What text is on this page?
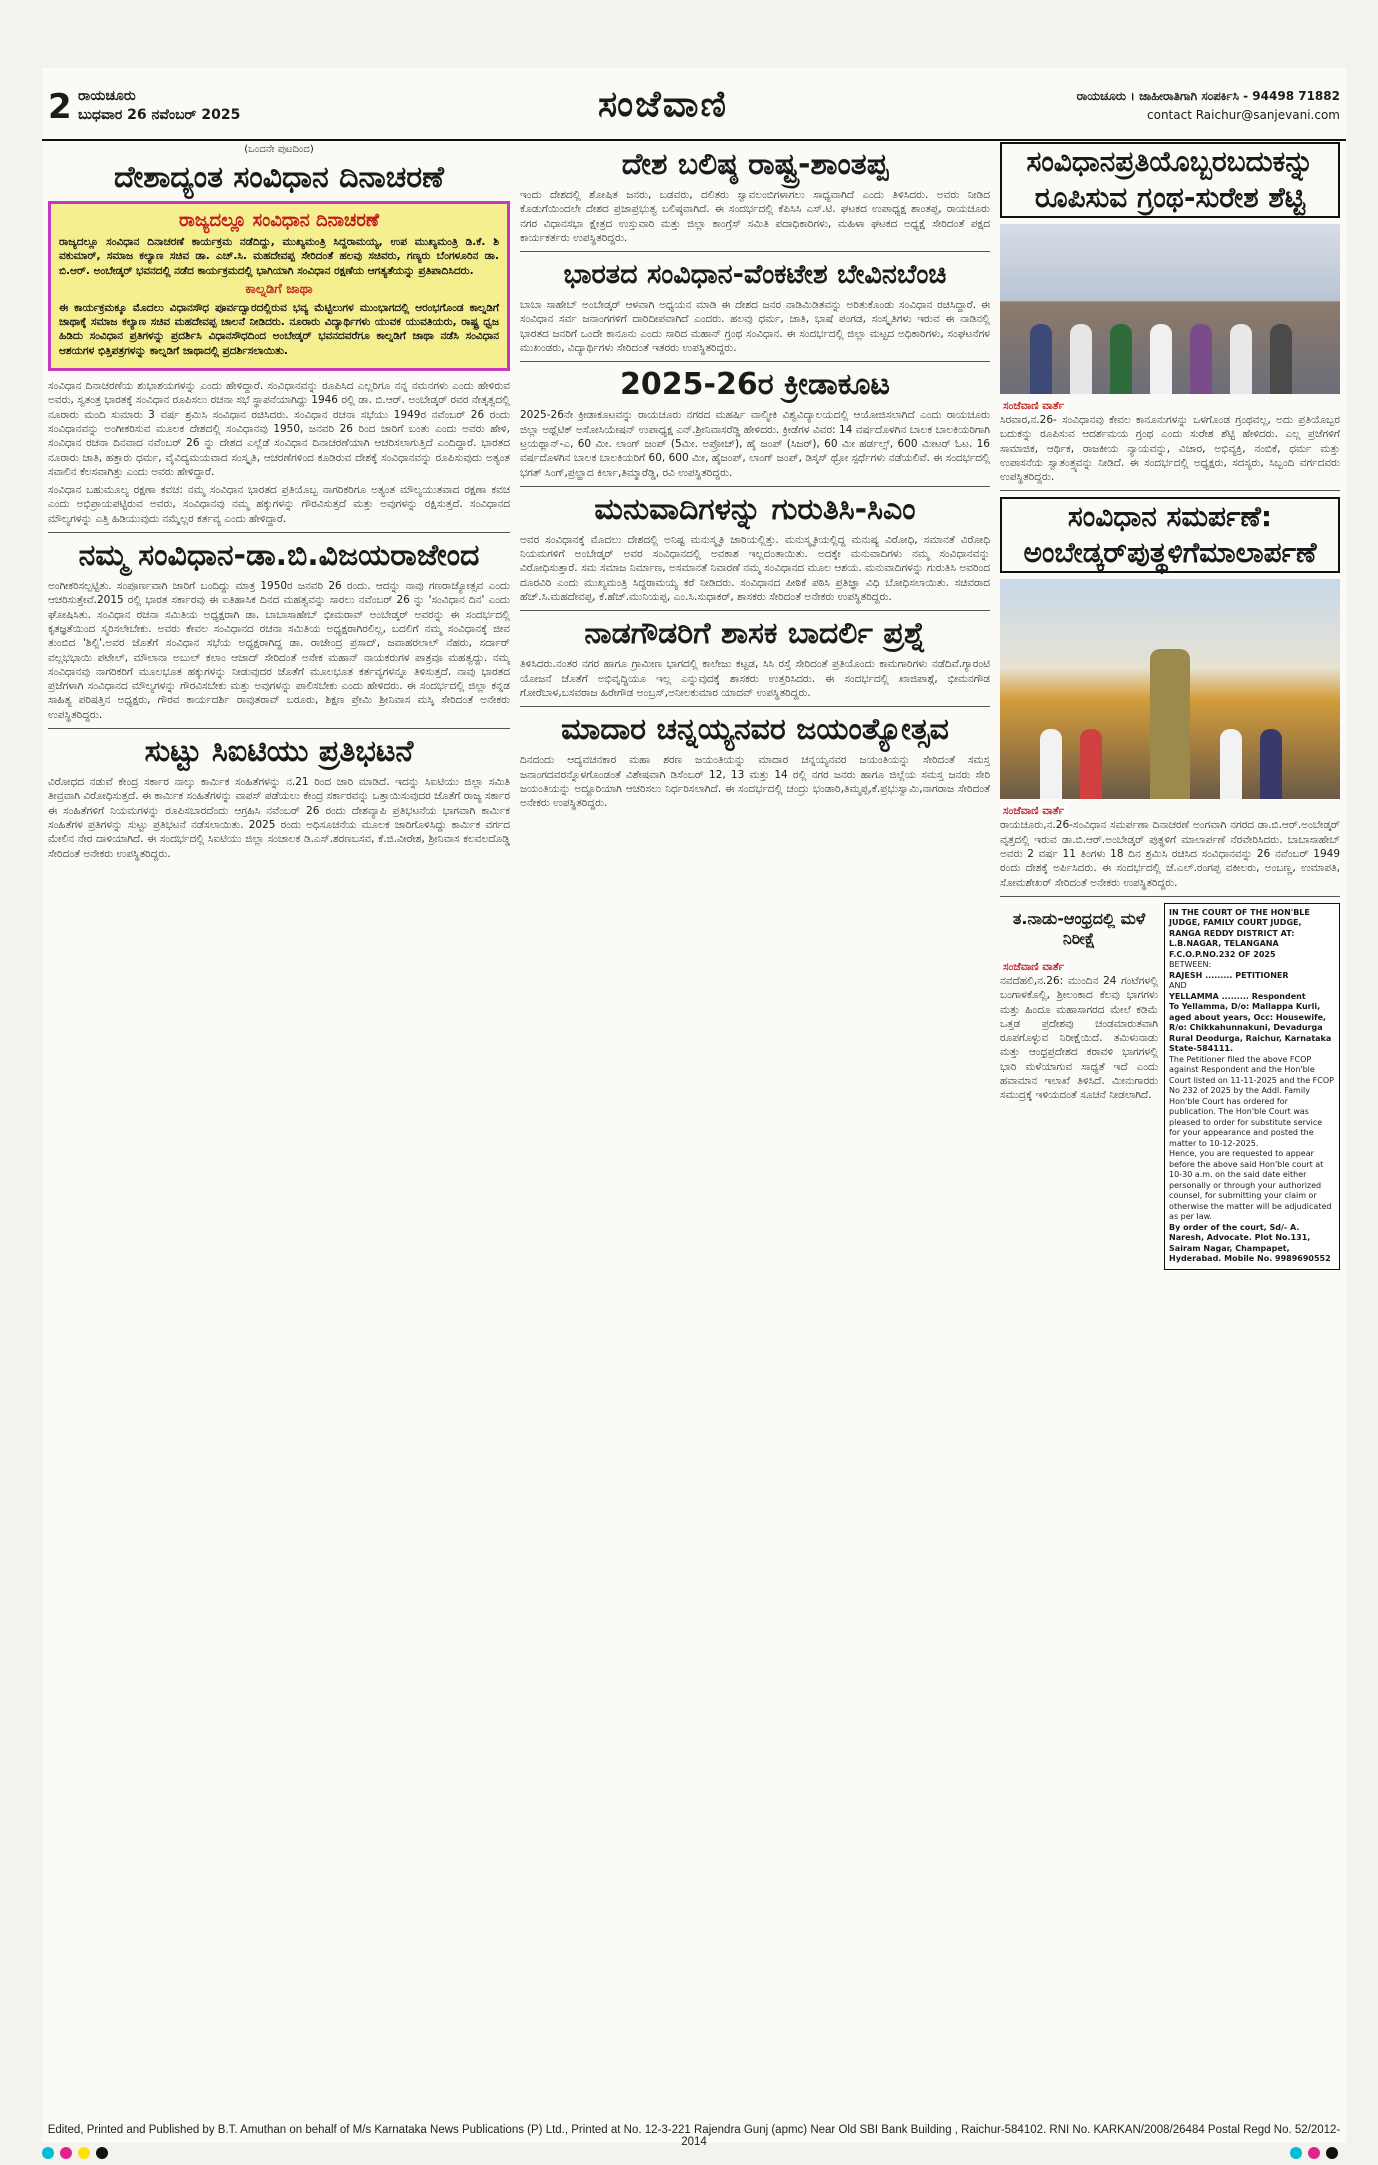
2 ರಾಯಚೂರು
ಬುಧವಾರ 26 ನವೆಂಬರ್ 2025	ಸಂಜೆವಾಣಿ	ರಾಯಚೂರು । ಜಾಹೀರಾತಿಗಾಗಿ ಸಂಪರ್ಕಿಸಿ - 94498 71882
contact Raichur@sanjevani.com
(ಒಂದನೇ ಪುಟದಿಂದ)
ದೇಶಾದ್ಯಂತ ಸಂವಿಧಾನ ದಿನಾಚರಣೆ
ರಾಜ್ಯದಲ್ಲೂ ಸಂವಿಧಾನ ದಿನಾಚರಣೆ

ರಾಜ್ಯದಲ್ಲೂ ಸಂವಿಧಾನ ದಿನಾಚರಣೆ ಕಾರ್ಯಕ್ರಮ ನಡೆದಿದ್ದು, ಮುಖ್ಯಮಂತ್ರಿ ಸಿದ್ದರಾಮಯ್ಯ, ಉಪ ಮುಖ್ಯಮಂತ್ರಿ ಡಿ.ಕೆ. ಶಿ ವಕುಮಾರ್, ಸಮಾಜ ಕಲ್ಯಾಣ ಸಚಿವ ಡಾ. ಎಚ್.ಸಿ. ಮಹದೇವಪ್ಪ ಸೇರಿದಂತೆ ಹಲವು ಸಚಿವರು, ಗಣ್ಯರು ಬೆಂಗಳೂರಿನ ಡಾ. ಬಿ.ಆರ್. ಅಂಬೇಡ್ಕರ್ ಭವನದಲ್ಲಿ ನಡೆದ ಕಾರ್ಯಕ್ರಮದಲ್ಲಿ ಭಾಗಿಯಾಗಿ ಸಂವಿಧಾನ ರಕ್ಷಣೆಯ ಆಗತ್ಯತೆಯನ್ನು ಪ್ರತಿಪಾದಿಸಿದರು.

ಕಾಲ್ನಡಿಗೆ ಜಾಥಾ

ಈ ಕಾರ್ಯಕ್ರಮಕ್ಕೂ ಮೊದಲು ವಿಧಾನಸೌಧ ಪೂರ್ವದ್ವಾರದಲ್ಲಿರುವ ಭವ್ಯ ಮೆಟ್ಟಿಲುಗಳ ಮುಂಭಾಗದಲ್ಲಿ ಆರಂಭಗೊಂಡ ಕಾಲ್ನಡಿಗೆ ಜಾಥಾಕ್ಕೆ ಸಮಾಜ ಕಲ್ಯಾಣ ಸಚಿವ ಮಹದೇವಪ್ಪ ಚಾಲನೆ ನೀಡಿದರು. ನೂರಾರು ವಿದ್ಯಾರ್ಥಿಗಳು ಯುವಕ ಯುವತಿಯರು, ರಾಷ್ಟ್ರ ಧ್ವಜ ಹಿಡಿದು ಸಂವಿಧಾನ ಪ್ರತಿಗಳನ್ನು ಪ್ರದರ್ಶಿಸಿ ವಿಧಾನಸೌಧದಿಂದ ಅಂಬೇಡ್ಕರ್ ಭವನದವರೆಗೂ ಕಾಲ್ನಡಿಗೆ ಜಾಥಾ ನಡೆಸಿ ಸಂವಿಧಾನ ಆಶಯಗಳ ಭಿತ್ತಿಪತ್ರಗಳನ್ನು ಕಾಲ್ನಡಿಗೆ ಜಾಥಾದಲ್ಲಿ ಪ್ರದರ್ಶಿಸಲಾಯಿತು.

ಸಂವಿಧಾನ ದಿನಾಚರಣೆಯ ಶುಭಾಶಯಗಳನ್ನು ಎಂದು ಹೇಳಿದ್ದಾರೆ. ಸಂವಿಧಾನವನ್ನು ರೂಪಿಸಿದ ಎಲ್ಲರಿಗೂ ನನ್ನ ನಮನಗಳು ಎಂದು ಹೇಳಿರುವ ಅವರು, ಸ್ವತಂತ್ರ ಭಾರತಕ್ಕೆ ಸಂವಿಧಾನ ರೂಪಿಸಲು ರಚನಾ ಸಭೆ ಸ್ಥಾಪನೆಯಾಗಿದ್ದು 1946 ರಲ್ಲಿ ಡಾ. ಬಿ.ಆರ್. ಅಂಬೇಡ್ಕರ್ ರವರ ನೇತೃತ್ವದಲ್ಲಿ ನೂರಾರು ಮಂದಿ ಸುಮಾರು 3 ವರ್ಷ ಶ್ರಮಿಸಿ ಸಂವಿಧಾನ ರಚಿಸಿದರು. ಸಂವಿಧಾನ ರಚನಾ ಸಭೆಯು 1949ರ ನವೆಂಬರ್ 26 ರಂದು ಸಂವಿಧಾನವನ್ನು ಅಂಗೀಕರಿಸುವ ಮೂಲಕ ದೇಶದಲ್ಲಿ ಸಂವಿಧಾನವು 1950, ಜನವರಿ 26 ರಿಂದ ಜಾರಿಗೆ ಬಂತು ಎಂದು ಅವರು ಹೇಳಿ, ಸಂವಿಧಾನ ರಚನಾ ದಿನವಾದ ನವೆಂಬರ್ 26 ನ್ನು ದೇಶದ ಎಲ್ಲೆಡೆ ಸಂವಿಧಾನ ದಿನಾಚರಣೆಯಾಗಿ ಆಚರಿಸಲಾಗುತ್ತಿದೆ ಎಂದಿದ್ದಾರೆ. ಭಾರತದ ನೂರಾರು ಜಾತಿ, ಹತ್ತಾರು ಧರ್ಮ, ವೈವಿದ್ಯಮಯವಾದ ಸಂಸ್ಕೃತಿ, ಆಚರಣೆಗಳಿಂದ ಕೂಡಿರುವ ದೇಶಕ್ಕೆ ಸಂವಿಧಾನವನ್ನು ರೂಪಿಸುವುದು ಅತ್ಯಂತ ಸವಾಲಿನ ಕೆಲಸವಾಗಿತ್ತು ಎಂದು ಅವರು ಹೇಳಿದ್ದಾರೆ.

ಸಂವಿಧಾನ ಬಹುಮೂಲ್ಯ ರಕ್ಷಣಾ ಕವಚ: ನಮ್ಮ ಸಂವಿಧಾನ ಭಾರತದ ಪ್ರತಿಯೊಬ್ಬ ನಾಗರಿಕರಿಗೂ ಅತ್ಯಂತ ಮೌಲ್ಯಯುತವಾದ ರಕ್ಷಣಾ ಕವಚ ಎಂದು ಅಭಿಪ್ರಾಯಪಟ್ಟಿರುವ ಅವರು, ಸಂವಿಧಾನವು ನಮ್ಮ ಹಕ್ಕುಗಳನ್ನು ಗೌರವಿಸುತ್ತದೆ ಮತ್ತು ಅವುಗಳನ್ನು ರಕ್ಷಿಸುತ್ತದೆ. ಸಂವಿಧಾನದ ಮೌಲ್ಯಗಳನ್ನು ಎತ್ತಿ ಹಿಡಿಯುವುದು ನಮ್ಮೆಲ್ಲರ ಕರ್ತವ್ಯ ಎಂದು ಹೇಳಿದ್ದಾರೆ.

ನಮ್ಮ ಸಂವಿಧಾನ-ಡಾ.ಬಿ.ವಿಜಯರಾಜೇಂದ

ಅಂಗೀಕರಿಸಲ್ಪಟ್ಟಿತು. ಸಂಪೂರ್ಣವಾಗಿ ಜಾರಿಗೆ ಬಂದಿದ್ದು ಮಾತ್ರ 1950ರ ಜನವರಿ 26 ರಂದು. ಆದನ್ನು ನಾವು ಗಣರಾಜ್ಯೋತ್ಸವ ಎಂದು ಆಚರಿಸುತ್ತೇವೆ.2015 ರಲ್ಲಿ ಭಾರತ ಸರ್ಕಾರವು ಈ ಐತಿಹಾಸಿಕ ದಿನದ ಮಹತ್ವವನ್ನು ಸಾರಲು ನವೆಂಬರ್ 26 ನ್ನು 'ಸಂವಿಧಾನ ದಿನ' ಎಂದು ಘೋಷಿಸಿತು. ಸಂವಿಧಾನ ರಚನಾ ಸಮಿತಿಯ ಅಧ್ಯಕ್ಷರಾಗಿ ಡಾ. ಬಾಬಾಸಾಹೇಬ್ ಭೀಮರಾವ್ ಅಂಬೇಡ್ಕರ್ ಅವರನ್ನು ಈ ಸಂದರ್ಭದಲ್ಲಿ ಕೃತಜ್ಞತೆಯಿಂದ ಸ್ಮರಿಸಲೇಬೇಕು. ಅವರು ಕೇವಲ ಸಂವಿಧಾನದ ರಚನಾ ಸಮಿತಿಯ ಅಧ್ಯಕ್ಷರಾಗಿರಲಿಲ್ಲ, ಬದಲಿಗೆ ನಮ್ಮ ಸಂವಿಧಾನಕ್ಕೆ ಜೀವ ತುಂಬಿದ 'ಶಿಲ್ಪಿ'.ಅವರ ಜೊತೆಗೆ ಸಂವಿಧಾನ ಸಭೆಯ ಅಧ್ಯಕ್ಷರಾಗಿದ್ದ ಡಾ. ರಾಜೇಂದ್ರ ಪ್ರಸಾದ್, ಜವಾಹರಲಾಲ್ ನೆಹರು, ಸರ್ದಾರ್ ವಲ್ಲಭಭಾಯಿ ಪಟೇಲ್, ಮೌಲಾನಾ ಅಬುಲ್ ಕಲಾಂ ಆಜಾದ್ ಸೇರಿದಂತೆ ಅನೇಕ ಮಹಾನ್ ನಾಯಕರುಗಳ ಪಾತ್ರವೂ ಮಹತ್ವದ್ದು. ನಮ್ಮ ಸಂವಿಧಾನವು ನಾಗರಿಕರಿಗೆ ಮೂಲಭೂತ ಹಕ್ಕುಗಳನ್ನು ನೀಡುವುದರ ಜೊತೆಗೆ ಮೂಲಭೂತ ಕರ್ತವ್ಯಗಳನ್ನೂ ತಿಳಿಸುತ್ತದೆ. ನಾವು ಭಾರತದ ಪ್ರಜೆಗಳಾಗಿ ಸಂವಿಧಾನದ ಮೌಲ್ಯಗಳನ್ನು ಗೌರವಿಸಬೇಕು ಮತ್ತು ಅವುಗಳನ್ನು ಪಾಲಿಸಬೇಕು ಎಂದು ಹೇಳಿದರು. ಈ ಸಂದರ್ಭದಲ್ಲಿ ಜಿಲ್ಲಾ ಕನ್ನಡ ಸಾಹಿತ್ಯ ಪರಿಷತ್ತಿನ ಅಧ್ಯಕ್ಷರು, ಗೌರವ ಕಾರ್ಯದರ್ಶಿ ರಾವುತರಾವ್ ಬರೂರು, ಶಿಕ್ಷಣ ಪ್ರೇಮಿ ಶ್ರೀನಿವಾಸ ಮಸ್ಕಿ ಸೇರಿದಂತೆ ಅನೇಕರು ಉಪಸ್ಥಿತರಿದ್ದರು.

ಸುಟ್ಟು ಸಿಐಟಿಯು ಪ್ರತಿಭಟನೆ

ವಿರೋಧದ ನಡುವೆ ಕೇಂದ್ರ ಸರ್ಕಾರ ನಾಲ್ಕು ಕಾರ್ಮಿಕ ಸಂಹಿತೆಗಳನ್ನು ನ.21 ರಿಂದ ಜಾರಿ ಮಾಡಿದೆ. ಇದನ್ನು ಸಿಐಟಿಯು ಜಿಲ್ಲಾ ಸಮಿತಿ ತೀವ್ರವಾಗಿ ವಿರೋಧಿಸುತ್ತದೆ. ಈ ಕಾರ್ಮಿಕ ಸಂಹಿತೆಗಳನ್ನು ವಾಪಸ್ ಪಡೆಯಲು ಕೇಂದ್ರ ಸರ್ಕಾರವನ್ನು ಒತ್ತಾಯಿಸುವುದರ ಜೊತೆಗೆ ರಾಜ್ಯ ಸರ್ಕಾರ ಈ ಸಂಹಿತೆಗಳಿಗೆ ನಿಯಮಗಳನ್ನು ರೂಪಿಸಬಾರದೆಂದು ಆಗ್ರಹಿಸಿ ನವೆಂಬರ್ 26 ರಂದು ದೇಶವ್ಯಾಪಿ ಪ್ರತಿಭಟನೆಯ ಭಾಗವಾಗಿ ಕಾರ್ಮಿಕ ಸಂಹಿತೆಗಳ ಪ್ರತಿಗಳನ್ನು ಸುಟ್ಟು ಪ್ರತಿಭಟನೆ ನಡೆಸಲಾಯಿತು. 2025 ರಂದು ಅಧಿಸೂಚನೆಯ ಮೂಲಕ ಜಾರಿಗೊಳಿಸಿದ್ದು ಕಾರ್ಮಿಕ ವರ್ಗದ ಮೇಲಿನ ನೇರ ದಾಳಿಯಾಗಿದೆ. ಈ ಸಂದರ್ಭದಲ್ಲಿ ಸಿಐಟಿಯು ಜಿಲ್ಲಾ ಸಂಚಾಲಕ ಡಿ.ಎಸ್.ಶರಣಬಸವ, ಕೆ.ಜಿ.ವೀರೇಶ, ಶ್ರೀನಿವಾಸ ಕಲವಲದೊಡ್ಡಿ ಸೇರಿದಂತೆ ಅನೇಕರು ಉಪಸ್ಥಿತರಿದ್ದರು.

ದೇಶ ಬಲಿಷ್ಠ ರಾಷ್ಟ್ರ-ಶಾಂತಪ್ಪ

ಇಂದು ದೇಶದಲ್ಲಿ ಶೋಷಿತ ಜನರು, ಬಡವರು, ದಲಿತರು ಸ್ವಾವಲಂಬಿಗಳಾಗಲು ಸಾಧ್ಯವಾಗಿದೆ ಎಂದು ತಿಳಿಸಿದರು. ಅವರು ನೀಡಿದ ಕೊಡುಗೆಯಿಂದಲೇ ದೇಶದ ಪ್ರಜಾಪ್ರಭುತ್ವ ಬಲಿಷ್ಠವಾಗಿದೆ. ಈ ಸಂದರ್ಭದಲ್ಲಿ ಕೆಪಿಸಿಸಿ ಎಸ್.ಟಿ. ಘಟಕದ ಉಪಾಧ್ಯಕ್ಷ ಶಾಂತಪ್ಪ, ರಾಯಚೂರು ನಗರ ವಿಧಾನಸಭಾ ಕ್ಷೇತ್ರದ ಉಸ್ತುವಾರಿ ಮತ್ತು ಜಿಲ್ಲಾ ಕಾಂಗ್ರೆಸ್ ಸಮಿತಿ ಪದಾಧಿಕಾರಿಗಳು, ಮಹಿಳಾ ಘಟಕದ ಅಧ್ಯಕ್ಷೆ ಸೇರಿದಂತೆ ಪಕ್ಷದ ಕಾರ್ಯಕರ್ತರು ಉಪಸ್ಥಿತರಿದ್ದರು.

ಭಾರತದ ಸಂವಿಧಾನ-ವೆಂಕಟೇಶ ಬೇವಿನಬೆಂಚಿ

ಬಾಬಾ ಸಾಹೇಬ್ ಅಂಬೇಡ್ಕರ್ ಆಳವಾಗಿ ಅಧ್ಯಯನ ಮಾಡಿ ಈ ದೇಶದ ಜನರ ನಾಡಿಮಿಡಿತವನ್ನು ಅರಿತುಕೊಂಡು ಸಂವಿಧಾನ ರಚಿಸಿದ್ದಾರೆ. ಈ ಸಂವಿಧಾನ ಸರ್ವ ಜನಾಂಗಗಳಿಗೆ ದಾರಿದೀಪವಾಗಿದೆ ಎಂದರು. ಹಲವು ಧರ್ಮ, ಜಾತಿ, ಭಾಷೆ ಪಂಗಡ, ಸಂಸ್ಕೃತಿಗಳು ಇರುವ ಈ ನಾಡಿನಲ್ಲಿ ಭಾರತದ ಜನರಿಗೆ ಒಂದೇ ಕಾನೂನು ಎಂದು ಸಾರಿದ ಮಹಾನ್ ಗ್ರಂಥ ಸಂವಿಧಾನ. ಈ ಸಂದರ್ಭದಲ್ಲಿ ಜಿಲ್ಲಾ ಮಟ್ಟದ ಅಧಿಕಾರಿಗಳು, ಸಂಘಟನೆಗಳ ಮುಖಂಡರು, ವಿದ್ಯಾರ್ಥಿಗಳು ಸೇರಿದಂತೆ ಇತರರು ಉಪಸ್ಥಿತರಿದ್ದರು.

2025-26ರ ಕ್ರೀಡಾಕೂಟ

2025-26ನೇ ಕ್ರೀಡಾಕೂಟವನ್ನು ರಾಯಚೂರು ನಗರದ ಮಹರ್ಷಿ ವಾಲ್ಮೀಕಿ ವಿಶ್ವವಿದ್ಯಾಲಯದಲ್ಲಿ ಆಯೋಜಿಸಲಾಗಿದೆ ಎಂದು ರಾಯಚೂರು ಜಿಲ್ಲಾ ಅಥ್ಲೆಟಿಕ್ ಅಸೋಸಿಯೇಷನ್ ಉಪಾಧ್ಯಕ್ಷ ಎನ್.ಶ್ರೀನಿವಾಸರೆಡ್ಡಿ ಹೇಳಿದರು. ಕ್ರೀಡೆಗಳ ವಿವರ: 14 ವರ್ಷದೊಳಗಿನ ಬಾಲಕ ಬಾಲಕಿಯರಿಗಾಗಿ ಟ್ರಯಥ್ಲಾನ್-ಎ, 60 ಮೀ. ಲಾಂಗ್ ಜಂಪ್ (5ಮೀ. ಅಪ್ರೋಚ್), ಹೈ ಜಂಪ್ (ಸಿಜರ್), 60 ಮೀ ಹರ್ಡಲ್ಸ್, 600 ಮೀಟರ್ ಓಟ. 16 ವರ್ಷದೊಳಗಿನ ಬಾಲಕ ಬಾಲಕಿಯರಿಗೆ 60, 600 ಮೀ, ಹೈಜಂಪ್, ಲಾಂಗ್ ಜಂಪ್, ಡಿಸ್ಕಸ್ ಥ್ರೋ ಸ್ಪರ್ಧೆಗಳು ನಡೆಯಲಿವೆ. ಈ ಸಂದರ್ಭದಲ್ಲಿ ಭಗತ್ ಸಿಂಗ್,ಪ್ರಲ್ಹಾದ ಕಿರ್ಲಾ,ತಿಮ್ಮಾರೆಡ್ಡಿ, ರವಿ ಉಪಸ್ಥಿತರಿದ್ದರು.

ಮನುವಾದಿಗಳನ್ನು ಗುರುತಿಸಿ-ಸಿಎಂ

ಅವರ ಸಂವಿಧಾನಕ್ಕೆ ಮೊದಲು ದೇಶದಲ್ಲಿ ಅನಿಷ್ಟ ಮನುಸ್ಮೃತಿ ಜಾರಿಯಲ್ಲಿತ್ತು. ಮನುಸ್ಮೃತಿಯಲ್ಲಿದ್ದ ಮನುಷ್ಯ ವಿರೋಧಿ, ಸಮಾನತೆ ವಿರೋಧಿ ನಿಯಮಗಳಿಗೆ ಅಂಬೇಡ್ಕರ್ ಅವರ ಸಂವಿಧಾನದಲ್ಲಿ ಅವಕಾಶ ಇಲ್ಲದಂತಾಯಿತು. ಅದಕ್ಕೇ ಮನುವಾದಿಗಳು ನಮ್ಮ ಸಂವಿಧಾನವನ್ನು ವಿರೋಧಿಸುತ್ತಾರೆ. ಸಮ ಸಮಾಜ ನಿರ್ಮಾಣ, ಅಸಮಾನತೆ ನಿವಾರಣೆ ನಮ್ಮ ಸಂವಿಧಾನದ ಮೂಲ ಆಶಯ. ಮನುವಾದಿಗಳನ್ನು ಗುರುತಿಸಿ ಅವರಿಂದ ದೂರವಿರಿ ಎಂದು ಮುಖ್ಯಮಂತ್ರಿ ಸಿದ್ದರಾಮಯ್ಯ ಕರೆ ನೀಡಿದರು. ಸಂವಿಧಾನದ ಪೀಠಿಕೆ ಪಠಿಸಿ ಪ್ರತಿಜ್ಞಾ ವಿಧಿ ಬೋಧಿಸಲಾಯಿತು. ಸಚಿವರಾದ ಹೆಚ್.ಸಿ.ಮಹದೇವಪ್ಪ, ಕೆ.ಹೆಚ್.ಮುನಿಯಪ್ಪ, ಎಂ.ಸಿ.ಸುಧಾಕರ್, ಶಾಸಕರು ಸೇರಿದಂತೆ ಅನೇಕರು ಉಪಸ್ಥಿತರಿದ್ದರು.

ನಾಡಗೌಡರಿಗೆ ಶಾಸಕ ಬಾದರ್ಲಿ ಪ್ರಶ್ನೆ

ತಿಳಿಸಿದರು.ನಂತರ ನಗರ ಹಾಗೂ ಗ್ರಾಮೀಣ ಭಾಗದಲ್ಲಿ ಕಾಲೇಜು ಕಟ್ಟಡ, ಸಿಸಿ ರಸ್ತೆ ಸೇರಿದಂತೆ ಪ್ರತಿಯೊಂದು ಕಾಮಗಾರಿಗಳು ನಡೆದಿವೆ.ಗ್ಯಾರಂಟಿ ಯೋಜನೆ ಜೊತೆಗೆ ಅಭಿವೃದ್ಧಿಯೂ ಇಲ್ಲ ಎನ್ನುವುದಕ್ಕೆ ಶಾಸಕರು ಉತ್ತರಿಸಿದರು. ಈ ಸಂದರ್ಭದಲ್ಲಿ ಖಾಜಿಪಾಶ್ಗೆ, ಭೀಮನಗೌಡ ಗೋರೆಬಾಳ,ಬಸವರಾಜ ಹಿರೇಗೌಡ ಅಂಬ್ರಸ್,ಅನೀಲಕುಮಾರ ಯಾದವ್ ಉಪಸ್ಥಿತರಿದ್ದರು.

ಮಾದಾರ ಚನ್ನಯ್ಯನವರ ಜಯಂತ್ಯೋತ್ಸವ

ದಿನದಂದು ಆದ್ಯವಚನಕಾರ ಮಹಾ ಶರಣ ಜಯಂತಿಯನ್ನು ಮಾದಾರ ಚನ್ನಯ್ಯನವರ ಜಯಂತಿಯನ್ನು ಸೇರಿದಂತೆ ಸಮಸ್ತ ಜನಾಂಗದವರನ್ನೊಳಗೊಂಡಂತೆ ವಿಶೇಷವಾಗಿ ಡಿಸೆಂಬರ್ 12, 13 ಮತ್ತು 14 ರಲ್ಲಿ ನಗರ ಜನರು ಹಾಗೂ ಜಿಲ್ಲೆಯ ಸಮಸ್ತ ಜನರು ಸೇರಿ ಜಯಂತಿಯನ್ನು ಅದ್ದೂರಿಯಾಗಿ ಆಚರಿಸಲು ನಿರ್ಧರಿಸಲಾಗಿದೆ. ಈ ಸಂದರ್ಭದಲ್ಲಿ ಚಂದ್ರು ಭಂಡಾರಿ,ತಿಮ್ಮಪ್ಪ,ಕೆ.ಪ್ರಭುಸ್ವಾಮಿ,ನಾಗರಾಜ ಸೇರಿದಂತೆ ಅನೇಕರು ಉಪಸ್ಥಿತರಿದ್ದರು.

ಸಂವಿಧಾನಪ್ರತಿಯೊಬ್ಬರಬದುಕನ್ನು ರೂಪಿಸುವ ಗ್ರಂಥ-ಸುರೇಶ ಶೆಟ್ಟಿ
ಸಂಜೆವಾಣಿ ವಾರ್ತೆ

ಸಿರವಾರ,ನ.26- ಸಂವಿಧಾನವು ಕೇವಲ ಕಾನೂನುಗಳನ್ನು ಒಳಗೊಂಡ ಗ್ರಂಥವಲ್ಲ, ಅದು ಪ್ರತಿಯೊಬ್ಬರ ಬದುಕನ್ನು ರೂಪಿಸುವ ಆದರ್ಶಮಯ ಗ್ರಂಥ ಎಂದು ಸುರೇಶ ಶೆಟ್ಟಿ ಹೇಳಿದರು. ಎಲ್ಲ ಪ್ರಜೆಗಳಿಗೆ ಸಾಮಾಜಿಕ, ಆರ್ಥಿಕ, ರಾಜಕೀಯ ನ್ಯಾಯವನ್ನು, ವಿಚಾರ, ಅಭಿವ್ಯಕ್ತಿ, ನಂಬಿಕೆ, ಧರ್ಮ ಮತ್ತು ಉಪಾಸನೆಯ ಸ್ವಾತಂತ್ರ್ಯವನ್ನು ನೀಡಿದೆ. ಈ ಸಂದರ್ಭದಲ್ಲಿ ಅಧ್ಯಕ್ಷರು, ಸದಸ್ಯರು, ಸಿಬ್ಬಂದಿ ವರ್ಗದವರು ಉಪಸ್ಥಿತರಿದ್ದರು.

ಸಂವಿಧಾನ ಸಮರ್ಪಣೆ: ಅಂಬೇಡ್ಕರ್‌ಪುತ್ಥಳಿಗೆಮಾಲಾರ್ಪಣೆ
ಸಂಜೆವಾಣಿ ವಾರ್ತೆ

ರಾಯಚೂರು,ನ.26-ಸಂವಿಧಾನ ಸಮರ್ಪಣಾ ದಿನಾಚರಣೆ ಅಂಗವಾಗಿ ನಗರದ ಡಾ.ಬಿ.ಆರ್.ಅಂಬೇಡ್ಕರ್ ವೃತ್ತದಲ್ಲಿ ಇರುವ ಡಾ.ಬಿ.ಆರ್.ಅಂಬೇಡ್ಕರ್ ಪುತ್ಥಳಿಗೆ ಮಾಲಾರ್ಪಣೆ ನೆರವೇರಿಸಿದರು. ಬಾಬಾಸಾಹೇಬ್ ಅವರು 2 ವರ್ಷ 11 ತಿಂಗಳು 18 ದಿನ ಶ್ರಮಿಸಿ ರಚಿಸಿದ ಸಂವಿಧಾನವನ್ನು 26 ನವೆಂಬರ್ 1949 ರಂದು ದೇಶಕ್ಕೆ ಅರ್ಪಿಸಿದರು. ಈ ಸಂದರ್ಭದಲ್ಲಿ ಜೆ.ಎಲ್.ರಂಗಪ್ಪ ವಕೀಲರು, ಅಂಬಣ್ಣ, ಉಮಾಪತಿ, ಸೋಮಶೇಖರ್ ಸೇರಿದಂತೆ ಅನೇಕರು ಉಪಸ್ಥಿತರಿದ್ದರು.

ತ.ನಾಡು-ಆಂಧ್ರದಲ್ಲಿ ಮಳೆ ನಿರೀಕ್ಷೆ
ಸಂಜೆವಾಣಿ ವಾರ್ತೆ

ನವದೆಹಲಿ,ನ.26: ಮುಂದಿನ 24 ಗಂಟೆಗಳಲ್ಲಿ ಬಂಗಾಳಕೊಲ್ಲಿ, ಶ್ರೀಲಂಕಾದ ಕೆಲವು ಭಾಗಗಳು ಮತ್ತು ಹಿಂದೂ ಮಹಾಸಾಗರದ ಮೇಲೆ ಕಡಿಮೆ ಒತ್ತಡ ಪ್ರದೇಶವು ಚಂಡಮಾರುತವಾಗಿ ರೂಪಗೊಳ್ಳುವ ನಿರೀಕ್ಷೆಯಿದೆ. ತಮಿಳುನಾಡು ಮತ್ತು ಆಂಧ್ರಪ್ರದೇಶದ ಕರಾವಳಿ ಭಾಗಗಳಲ್ಲಿ ಭಾರಿ ಮಳೆಯಾಗುವ ಸಾಧ್ಯತೆ ಇದೆ ಎಂದು ಹವಾಮಾನ ಇಲಾಖೆ ತಿಳಿಸಿದೆ. ಮೀನುಗಾರರು ಸಮುದ್ರಕ್ಕೆ ಇಳಿಯದಂತೆ ಸೂಚನೆ ನೀಡಲಾಗಿದೆ.

IN THE COURT OF THE HON'BLE JUDGE, FAMILY COURT JUDGE, RANGA REDDY DISTRICT AT: L.B.NAGAR, TELANGANA
F.C.O.P.NO.232 OF 2025
BETWEEN:
RAJESH ......... PETITIONER
AND
YELLAMMA ......... Respondent
To Yellamma, D/o: Mallappa Kurli, aged about years, Occ: Housewife, R/o: Chikkahunnakuni, Devadurga Rural Deodurga, Raichur, Karnataka State-584111.
The Petitioner filed the above FCOP against Respondent and the Hon'ble Court listed on 11-11-2025 and the FCOP No 232 of 2025 by the Addl. Family Hon'ble Court has ordered for publication. The Hon'ble Court was pleased to order for substitute service for your appearance and posted the matter to 10-12-2025.
Hence, you are requested to appear before the above said Hon'ble court at 10-30 a.m. on the said date either personally or through your authorized counsel, for submitting your claim or otherwise the matter will be adjudicated as per law.
By order of the court, Sd/- A. Naresh, Advocate. Plot No.131, Sairam Nagar, Champapet, Hyderabad. Mobile No. 9989690552
Edited, Printed and Published by B.T. Amuthan on behalf of M/s Karnataka News Publications (P) Ltd., Printed at No. 12-3-221 Rajendra Gunj (apmc) Near Old SBI Bank Building , Raichur-584102. RNI No. KARKAN/2008/26484 Postal Regd No. 52/2012-2014
